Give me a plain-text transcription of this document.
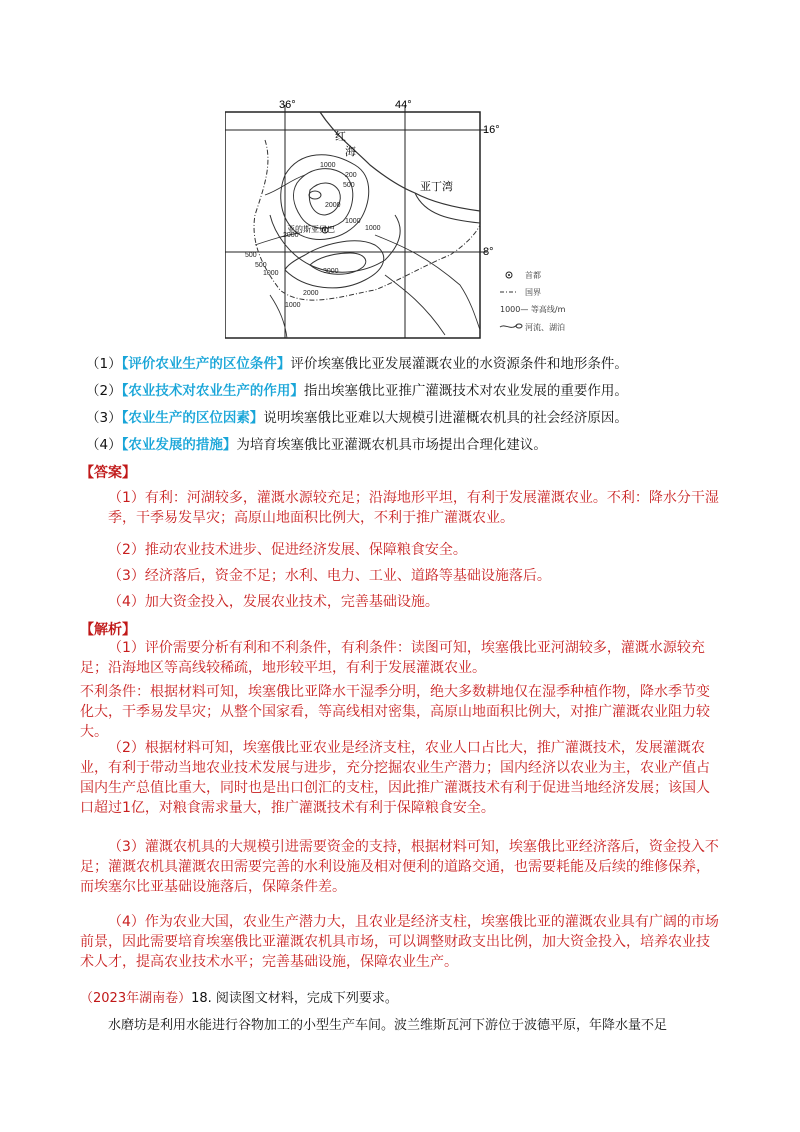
36°	44°
16°
8°
红
海
亚丁湾
亚的斯亚贝巴
1000
200
500
2000
1000
2000
1000
500
500
1000	3000
2000
1000
首都
国界
1000— 等高线/m
河流、湖泊
（1）【评价农业生产的区位条件】评价埃塞俄比亚发展灌溉农业的水资源条件和地形条件。
（2）【农业技术对农业生产的作用】指出埃塞俄比亚推广灌溉技术对农业发展的重要作用。
（3）【农业生产的区位因素】说明埃塞俄比亚难以大规模引进灌概农机具的社会经济原因。
（4）【农业发展的措施】为培育埃塞俄比亚灌溉农机具市场提出合理化建议。
【答案】
（1）有利：河湖较多，灌溉水源较充足；沿海地形平坦，有利于发展灌溉农业。不利：降水分干湿季，干季易发旱灾；高原山地面积比例大，不利于推广灌溉农业。
（2）推动农业技术进步、促进经济发展、保障粮食安全。
（3）经济落后，资金不足；水利、电力、工业、道路等基础设施落后。
（4）加大资金投入，发展农业技术，完善基础设施。
【解析】
（1）评价需要分析有利和不利条件，有利条件：读图可知，埃塞俄比亚河湖较多，灌溉水源较充足；沿海地区等高线较稀疏，地形较平坦，有利于发展灌溉农业。
不利条件：根据材料可知，埃塞俄比亚降水干湿季分明，绝大多数耕地仅在湿季种植作物，降水季节变化大，干季易发旱灾；从整个国家看，等高线相对密集，高原山地面积比例大，对推广灌溉农业阻力较大。
（2）根据材料可知，埃塞俄比亚农业是经济支柱，农业人口占比大，推广灌溉技术，发展灌溉农业，有利于带动当地农业技术发展与进步，充分挖掘农业生产潜力；国内经济以农业为主，农业产值占国内生产总值比重大，同时也是出口创汇的支柱，因此推广灌溉技术有利于促进当地经济发展；该国人口超过1亿，对粮食需求量大，推广灌溉技术有利于保障粮食安全。
（3）灌溉农机具的大规模引进需要资金的支持，根据材料可知，埃塞俄比亚经济落后，资金投入不足；灌溉农机具灌溉农田需要完善的水利设施及相对便利的道路交通，也需要耗能及后续的维修保养，而埃塞尔比亚基础设施落后，保障条件差。
（4）作为农业大国，农业生产潜力大，且农业是经济支柱，埃塞俄比亚的灌溉农业具有广阔的市场前景，因此需要培育埃塞俄比亚灌溉农机具市场，可以调整财政支出比例，加大资金投入，培养农业技术人才，提高农业技术水平；完善基础设施，保障农业生产。
（2023年湖南卷）18. 阅读图文材料，完成下列要求。
水磨坊是利用水能进行谷物加工的小型生产车间。波兰维斯瓦河下游位于波德平原，年降水量不足
